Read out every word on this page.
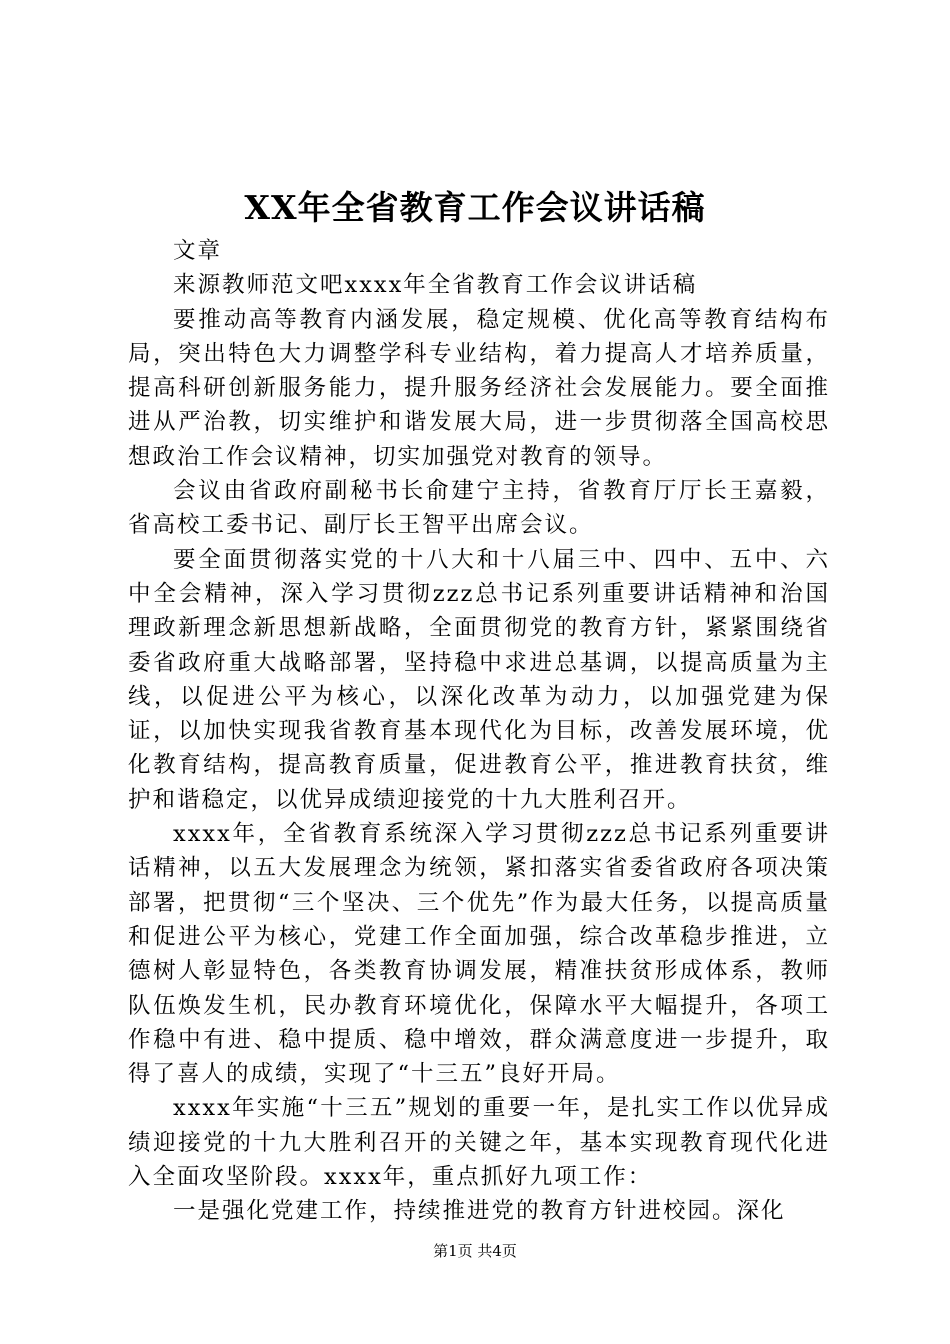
XX年全省教育工作会议讲话稿

文章

来源教师范文吧xxxx年全省教育工作会议讲话稿

要推动高等教育内涵发展，稳定规模、优化高等教育结构布局，突出特色大力调整学科专业结构，着力提高人才培养质量，提高科研创新服务能力，提升服务经济社会发展能力。要全面推进从严治教，切实维护和谐发展大局，进一步贯彻落全国高校思想政治工作会议精神，切实加强党对教育的领导。

会议由省政府副秘书长俞建宁主持，省教育厅厅长王嘉毅，省高校工委书记、副厅长王智平出席会议。

要全面贯彻落实党的十八大和十八届三中、四中、五中、六中全会精神，深入学习贯彻zzz总书记系列重要讲话精神和治国理政新理念新思想新战略，全面贯彻党的教育方针，紧紧围绕省委省政府重大战略部署，坚持稳中求进总基调，以提高质量为主线，以促进公平为核心，以深化改革为动力，以加强党建为保证，以加快实现我省教育基本现代化为目标，改善发展环境，优化教育结构，提高教育质量，促进教育公平，推进教育扶贫，维护和谐稳定，以优异成绩迎接党的十九大胜利召开。

xxxx年，全省教育系统深入学习贯彻zzz总书记系列重要讲话精神，以五大发展理念为统领，紧扣落实省委省政府各项决策部署，把贯彻“三个坚决、三个优先”作为最大任务，以提高质量和促进公平为核心，党建工作全面加强，综合改革稳步推进，立德树人彰显特色，各类教育协调发展，精准扶贫形成体系，教师队伍焕发生机，民办教育环境优化，保障水平大幅提升，各项工作稳中有进、稳中提质、稳中增效，群众满意度进一步提升，取得了喜人的成绩，实现了“十三五”良好开局。

xxxx年实施“十三五”规划的重要一年，是扎实工作以优异成绩迎接党的十九大胜利召开的关键之年，基本实现教育现代化进入全面攻坚阶段。xxxx年，重点抓好九项工作：

一是强化党建工作，持续推进党的教育方针进校园。深化

第1页 共4页
